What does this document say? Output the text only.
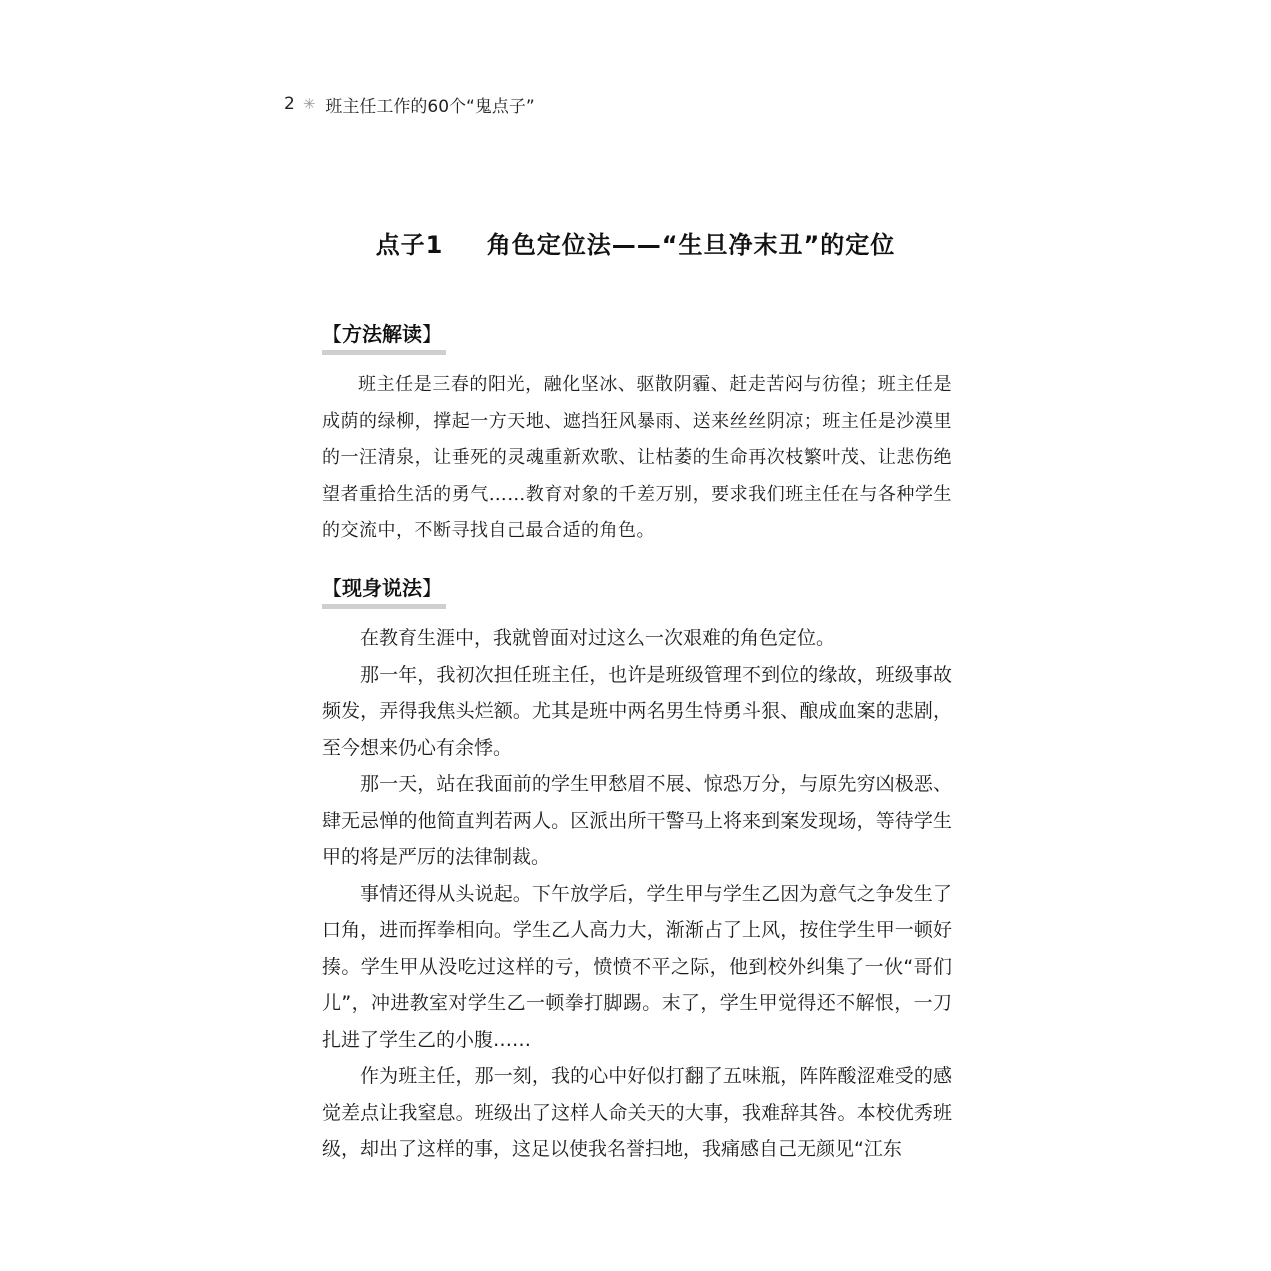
2 ✳ 班主任工作的60个“鬼点子”
点子1 角色定位法——“生旦净末丑”的定位
【方法解读】

班主任是三春的阳光，融化坚冰、驱散阴霾、赶走苦闷与彷徨；班主任是成荫的绿柳，撑起一方天地、遮挡狂风暴雨、送来丝丝阴凉；班主任是沙漠里的一汪清泉，让垂死的灵魂重新欢歌、让枯萎的生命再次枝繁叶茂、让悲伤绝望者重拾生活的勇气……教育对象的千差万别，要求我们班主任在与各种学生的交流中，不断寻找自己最合适的角色。

【现身说法】

在教育生涯中，我就曾面对过这么一次艰难的角色定位。

那一年，我初次担任班主任，也许是班级管理不到位的缘故，班级事故频发，弄得我焦头烂额。尤其是班中两名男生恃勇斗狠、酿成血案的悲剧，至今想来仍心有余悸。

那一天，站在我面前的学生甲愁眉不展、惊恐万分，与原先穷凶极恶、肆无忌惮的他简直判若两人。区派出所干警马上将来到案发现场，等待学生甲的将是严厉的法律制裁。

事情还得从头说起。下午放学后，学生甲与学生乙因为意气之争发生了口角，进而挥拳相向。学生乙人高力大，渐渐占了上风，按住学生甲一顿好揍。学生甲从没吃过这样的亏，愤愤不平之际，他到校外纠集了一伙“哥们儿”，冲进教室对学生乙一顿拳打脚踢。末了，学生甲觉得还不解恨，一刀扎进了学生乙的小腹……

作为班主任，那一刻，我的心中好似打翻了五味瓶，阵阵酸涩难受的感觉差点让我窒息。班级出了这样人命关天的大事，我难辞其咎。本校优秀班级，却出了这样的事，这足以使我名誉扫地，我痛感自己无颜见“江东
